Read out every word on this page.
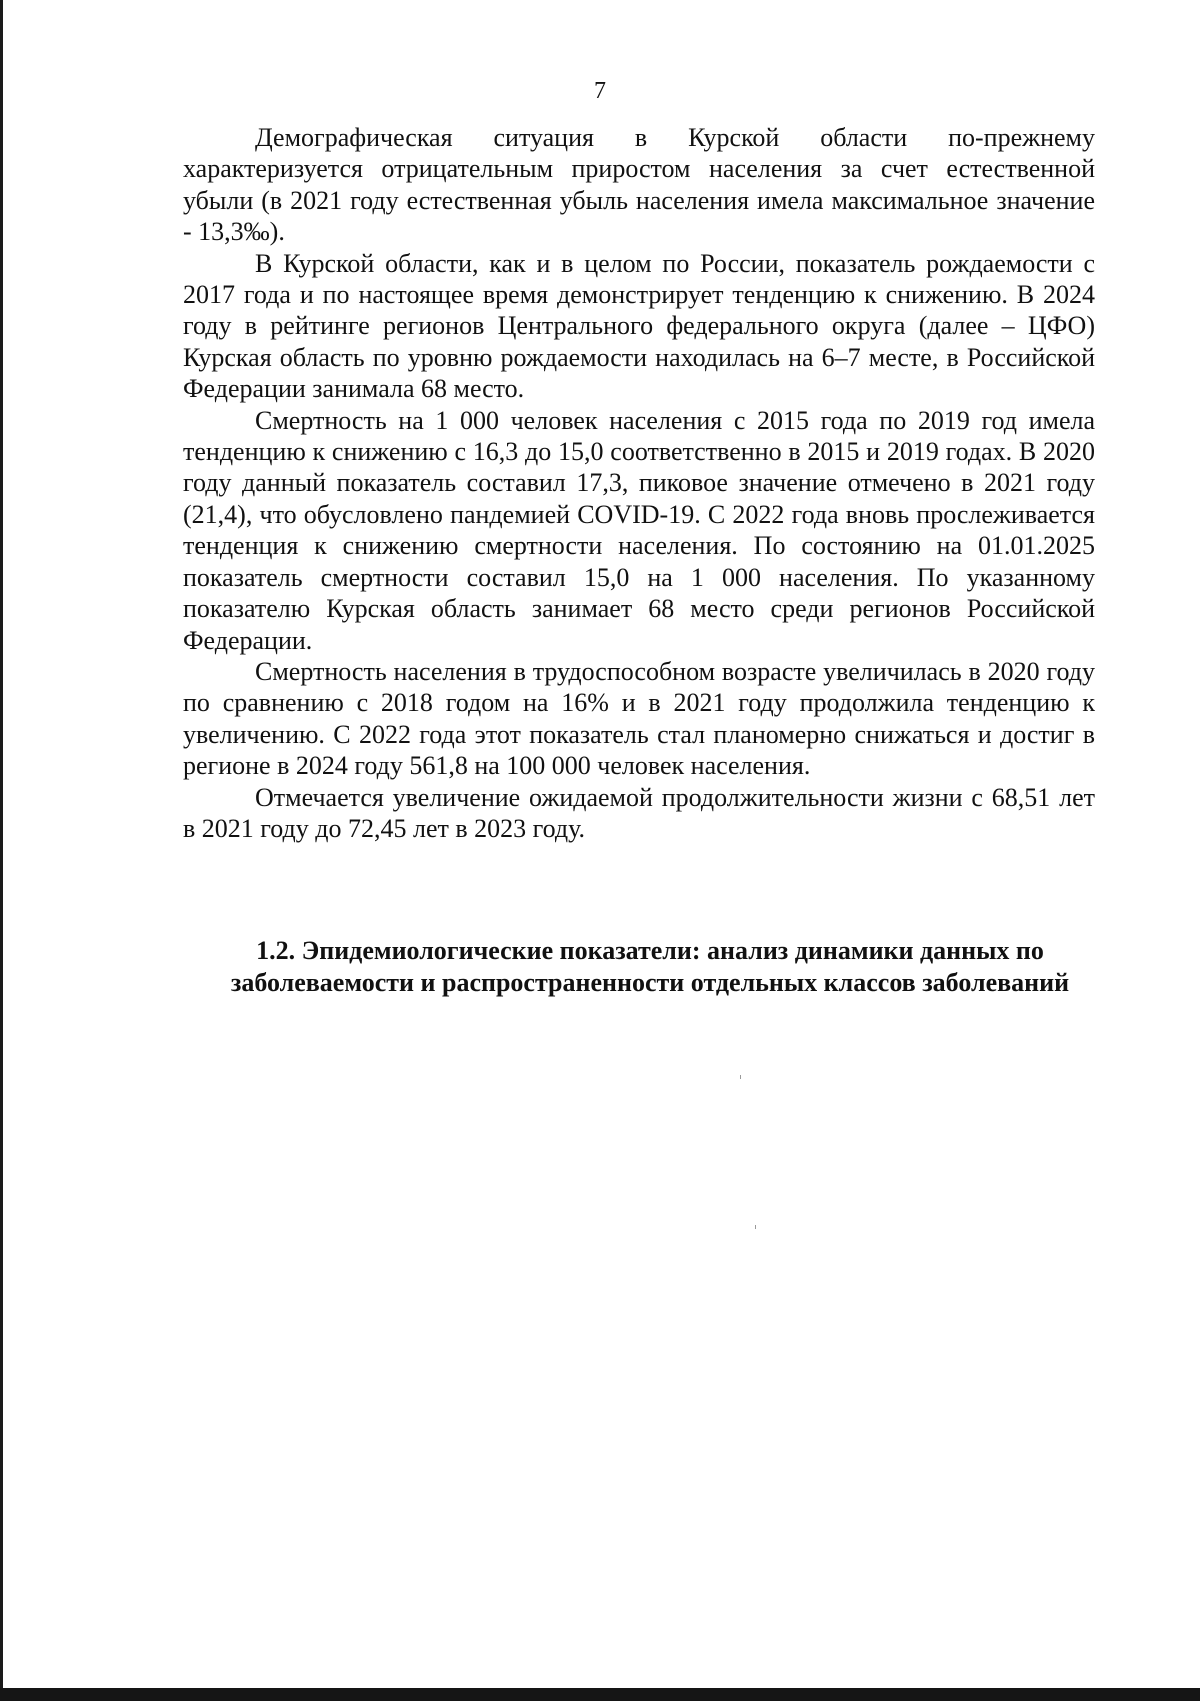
7

Демографическая ситуация в Курской области по-прежнему характеризуется отрицательным приростом населения за счет естественной убыли (в 2021 году естественная убыль населения имела максимальное значение - 13,3‰).

В Курской области, как и в целом по России, показатель рождаемости с 2017 года и по настоящее время демонстрирует тенденцию к снижению. В 2024 году в рейтинге регионов Центрального федерального округа (далее – ЦФО) Курская область по уровню рождаемости находилась на 6–7 месте, в Российской Федерации занимала 68 место.

Смертность на 1 000 человек населения с 2015 года по 2019 год имела тенденцию к снижению с 16,3 до 15,0 соответственно в 2015 и 2019 годах. В 2020 году данный показатель составил 17,3, пиковое значение отмечено в 2021 году (21,4), что обусловлено пандемией COVID-19. С 2022 года вновь прослеживается тенденция к снижению смертности населения. По состоянию на 01.01.2025 показатель смертности составил 15,0 на 1 000 населения. По указанному показателю Курская область занимает 68 место среди регионов Российской Федерации.

Смертность населения в трудоспособном возрасте увеличилась в 2020 году по сравнению с 2018 годом на 16% и в 2021 году продолжила тенденцию к увеличению. С 2022 года этот показатель стал планомерно снижаться и достиг в регионе в 2024 году 561,8 на 100 000 человек населения.

Отмечается увеличение ожидаемой продолжительности жизни с 68,51 лет в 2021 году до 72,45 лет в 2023 году.

1.2. Эпидемиологические показатели: анализ динамики данных по заболеваемости и распространенности отдельных классов заболеваний
